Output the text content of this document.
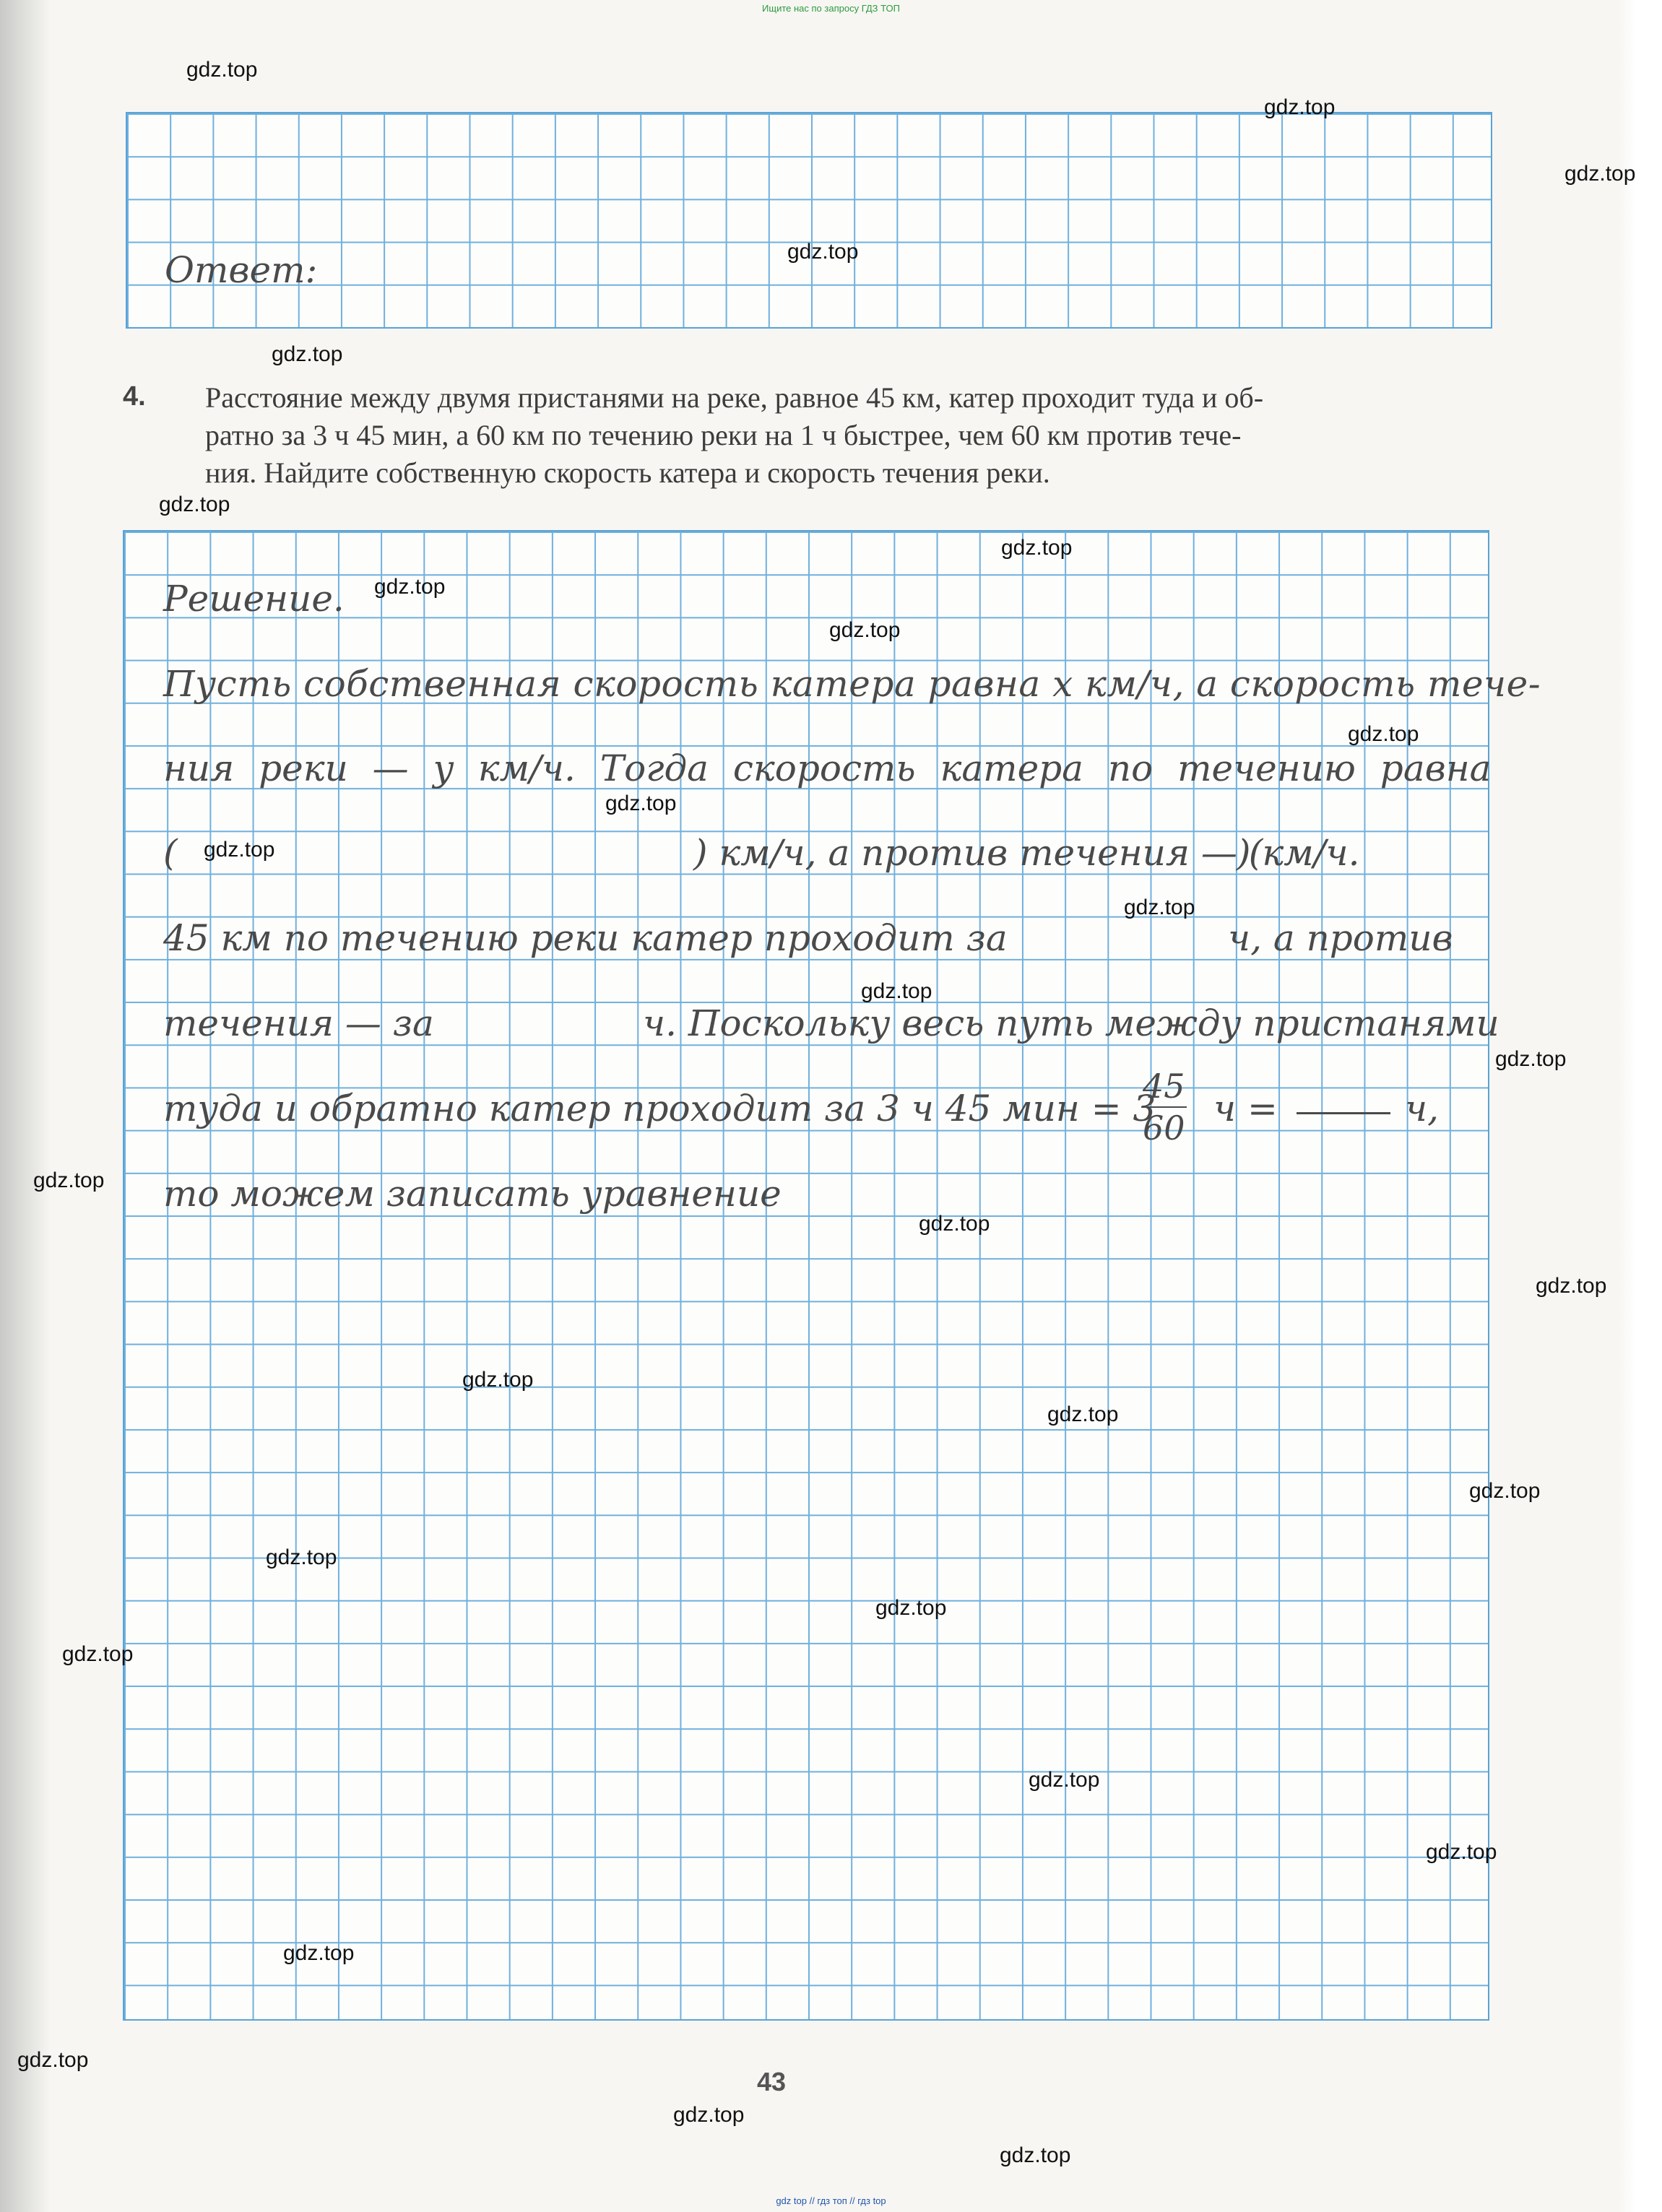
Ищите нас по запросу ГДЗ ТОП
Ответ:
4. Расстояние между двумя пристанями на реке, равное 45 км, катер проходит туда и об-
ратно за 3 ч 45 мин, а 60 км по течению реки на 1 ч быстрее, чем 60 км против тече-
ния. Найдите собственную скорость катера и скорость течения реки.
Решение.
Пусть собственная скорость катера равна x км/ч, а скорость тече-
ния реки — y км/ч. Тогда скорость катера по течению равна
(	) км/ч, а против течения — (
) км/ч.
45 км по течению реки катер проходит за	ч, а против
течения — за	ч. Поскольку весь путь между пристанями
туда и обратно катер проходит за 3 ч 45 мин = 3
$\frac{45}{60}$ ч =	ч,
то можем записать уравнение
43
gdz.top
gdz.top
gdz.top
gdz.top
gdz.top
gdz.top
gdz.top
gdz.top
gdz.top
gdz.top
gdz.top
gdz.top
gdz.top
gdz.top
gdz.top
gdz.top
gdz.top
gdz.top
gdz.top
gdz.top
gdz.top
gdz.top
gdz.top
gdz.top
gdz.top
gdz.top
gdz.top
gdz.top
gdz.top
gdz.top
gdz top // гдз топ // гдз top
